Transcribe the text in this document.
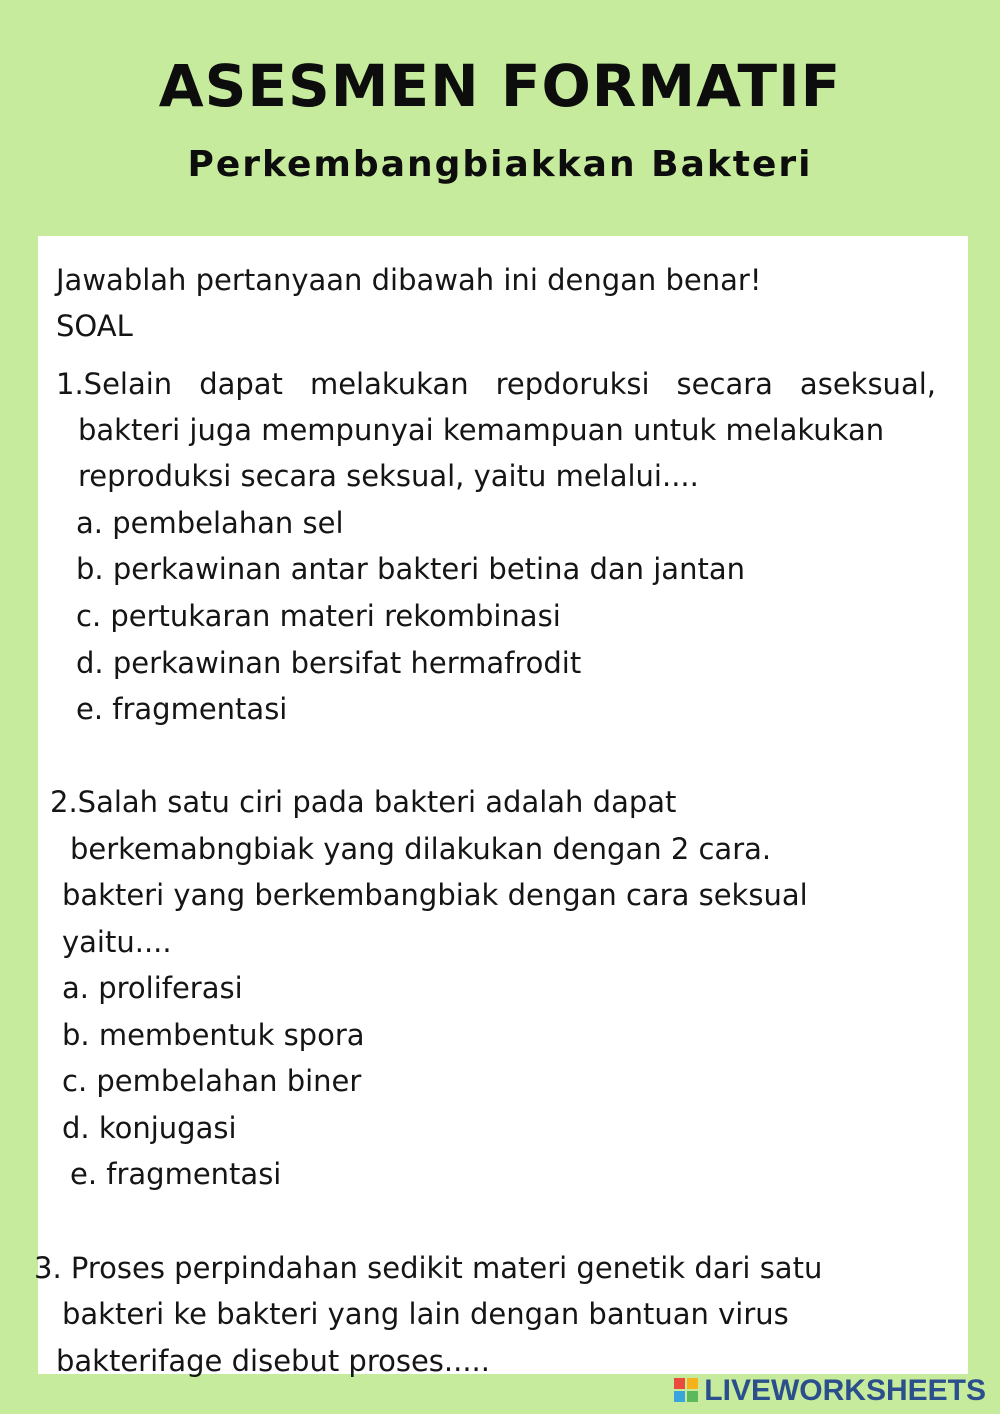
ASESMEN FORMATIF
Perkembangbiakkan Bakteri
Jawablah pertanyaan dibawah ini dengan benar!
SOAL
1.Selain dapat melakukan repdoruksi secara aseksual,
bakteri juga mempunyai kemampuan untuk melakukan
reproduksi secara seksual, yaitu melalui....
a. pembelahan sel
b. perkawinan antar bakteri betina dan jantan
c. pertukaran materi rekombinasi
d. perkawinan bersifat hermafrodit
e. fragmentasi
2.Salah satu ciri pada bakteri adalah dapat
berkemabngbiak yang dilakukan dengan 2 cara.
bakteri yang berkembangbiak dengan cara seksual
yaitu....
a. proliferasi
b. membentuk spora
c. pembelahan biner
d. konjugasi
e. fragmentasi
3. Proses perpindahan sedikit materi genetik dari satu
bakteri ke bakteri yang lain dengan bantuan virus
bakterifage disebut proses.....
LIVEWORKSHEETS
